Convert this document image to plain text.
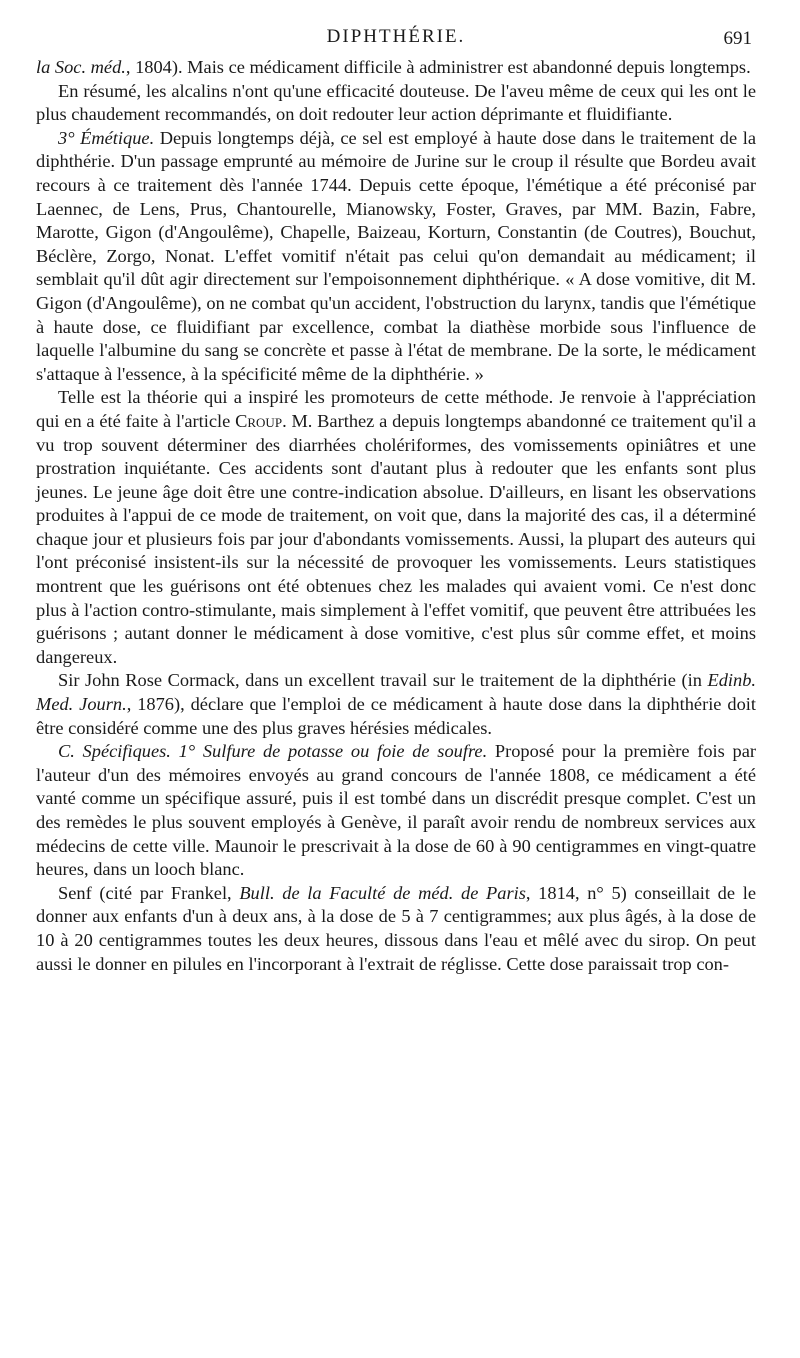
DIPHTHÉRIE.	691

la Soc. méd., 1804). Mais ce médicament difficile à administrer est abandonné depuis longtemps.

En résumé, les alcalins n'ont qu'une efficacité douteuse. De l'aveu même de ceux qui les ont le plus chaudement recommandés, on doit redouter leur action déprimante et fluidifiante.

3° Émétique. Depuis longtemps déjà, ce sel est employé à haute dose dans le traitement de la diphthérie. D'un passage emprunté au mémoire de Jurine sur le croup il résulte que Bordeu avait recours à ce traitement dès l'année 1744. Depuis cette époque, l'émétique a été préconisé par Laennec, de Lens, Prus, Chantourelle, Mianowsky, Foster, Graves, par MM. Bazin, Fabre, Marotte, Gigon (d'Angoulême), Chapelle, Baizeau, Korturn, Constantin (de Coutres), Bouchut, Béclère, Zorgo, Nonat. L'effet vomitif n'était pas celui qu'on demandait au médicament; il semblait qu'il dût agir directement sur l'empoisonnement diphthérique. « A dose vomitive, dit M. Gigon (d'Angoulême), on ne combat qu'un accident, l'obstruction du larynx, tandis que l'émétique à haute dose, ce fluidifiant par excellence, combat la diathèse morbide sous l'influence de laquelle l'albumine du sang se concrète et passe à l'état de membrane. De la sorte, le médicament s'attaque à l'essence, à la spécificité même de la diphthérie. »

Telle est la théorie qui a inspiré les promoteurs de cette méthode. Je renvoie à l'appréciation qui en a été faite à l'article Croup. M. Barthez a depuis longtemps abandonné ce traitement qu'il a vu trop souvent déterminer des diarrhées cholériformes, des vomissements opiniâtres et une prostration inquiétante. Ces accidents sont d'autant plus à redouter que les enfants sont plus jeunes. Le jeune âge doit être une contre-indication absolue. D'ailleurs, en lisant les observations produites à l'appui de ce mode de traitement, on voit que, dans la majorité des cas, il a déterminé chaque jour et plusieurs fois par jour d'abondants vomissements. Aussi, la plupart des auteurs qui l'ont préconisé insistent-ils sur la nécessité de provoquer les vomissements. Leurs statistiques montrent que les guérisons ont été obtenues chez les malades qui avaient vomi. Ce n'est donc plus à l'action contro-stimulante, mais simplement à l'effet vomitif, que peuvent être attribuées les guérisons ; autant donner le médicament à dose vomitive, c'est plus sûr comme effet, et moins dangereux.

Sir John Rose Cormack, dans un excellent travail sur le traitement de la diphthérie (in Edinb. Med. Journ., 1876), déclare que l'emploi de ce médicament à haute dose dans la diphthérie doit être considéré comme une des plus graves hérésies médicales.

C. Spécifiques. 1° Sulfure de potasse ou foie de soufre. Proposé pour la première fois par l'auteur d'un des mémoires envoyés au grand concours de l'année 1808, ce médicament a été vanté comme un spécifique assuré, puis il est tombé dans un discrédit presque complet. C'est un des remèdes le plus souvent employés à Genève, il paraît avoir rendu de nombreux services aux médecins de cette ville. Maunoir le prescrivait à la dose de 60 à 90 centigrammes en vingt-quatre heures, dans un looch blanc.

Senf (cité par Frankel, Bull. de la Faculté de méd. de Paris, 1814, n° 5) conseillait de le donner aux enfants d'un à deux ans, à la dose de 5 à 7 centigrammes; aux plus âgés, à la dose de 10 à 20 centigrammes toutes les deux heures, dissous dans l'eau et mêlé avec du sirop. On peut aussi le donner en pilules en l'incorporant à l'extrait de réglisse. Cette dose paraissait trop con-
